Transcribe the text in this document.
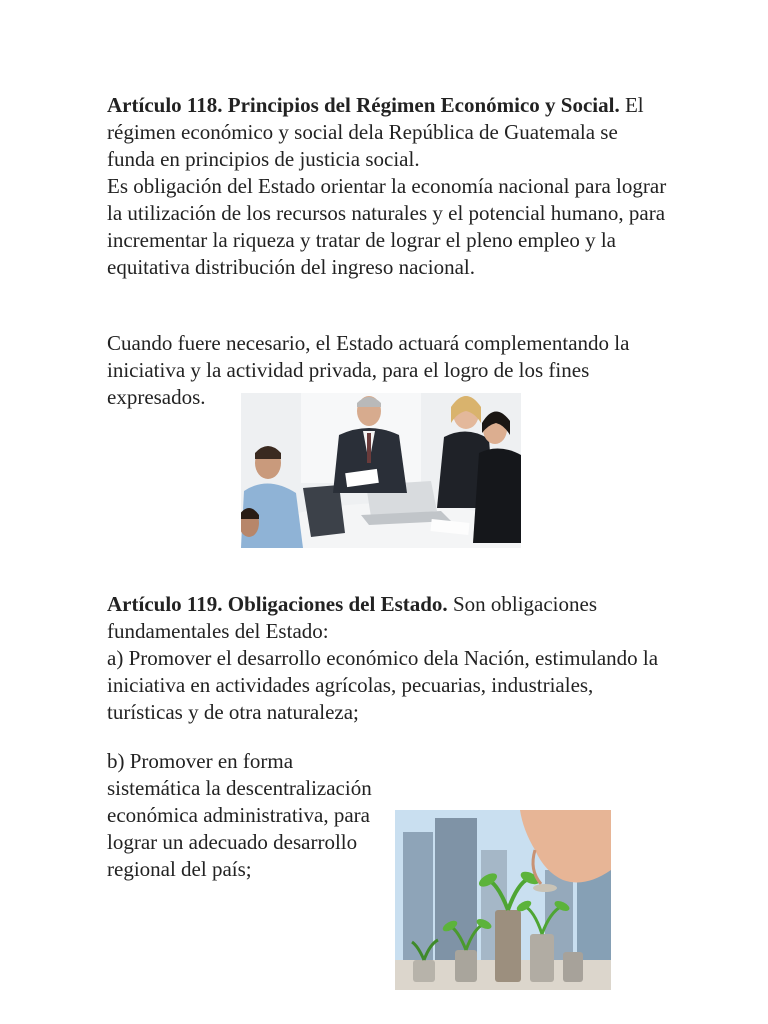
Artículo 118. Principios del Régimen Económico y Social. El régimen económico y social dela República de Guatemala se funda en principios de justicia social.

Es obligación del Estado orientar la economía nacional para lograr la utilización de los recursos naturales y el potencial humano, para incrementar la riqueza y tratar de lograr el pleno empleo y la equitativa distribución del ingreso nacional.

Cuando fuere necesario, el Estado actuará complementando la iniciativa y la actividad privada, para el logro de los fines expresados.

Artículo 119. Obligaciones del Estado. Son obligaciones fundamentales del Estado:

a) Promover el desarrollo económico dela Nación, estimulando la iniciativa en actividades agrícolas, pecuarias, industriales, turísticas y de otra naturaleza;

b) Promover en forma sistemática la descentralización económica administrativa, para lograr un adecuado desarrollo regional del país;
